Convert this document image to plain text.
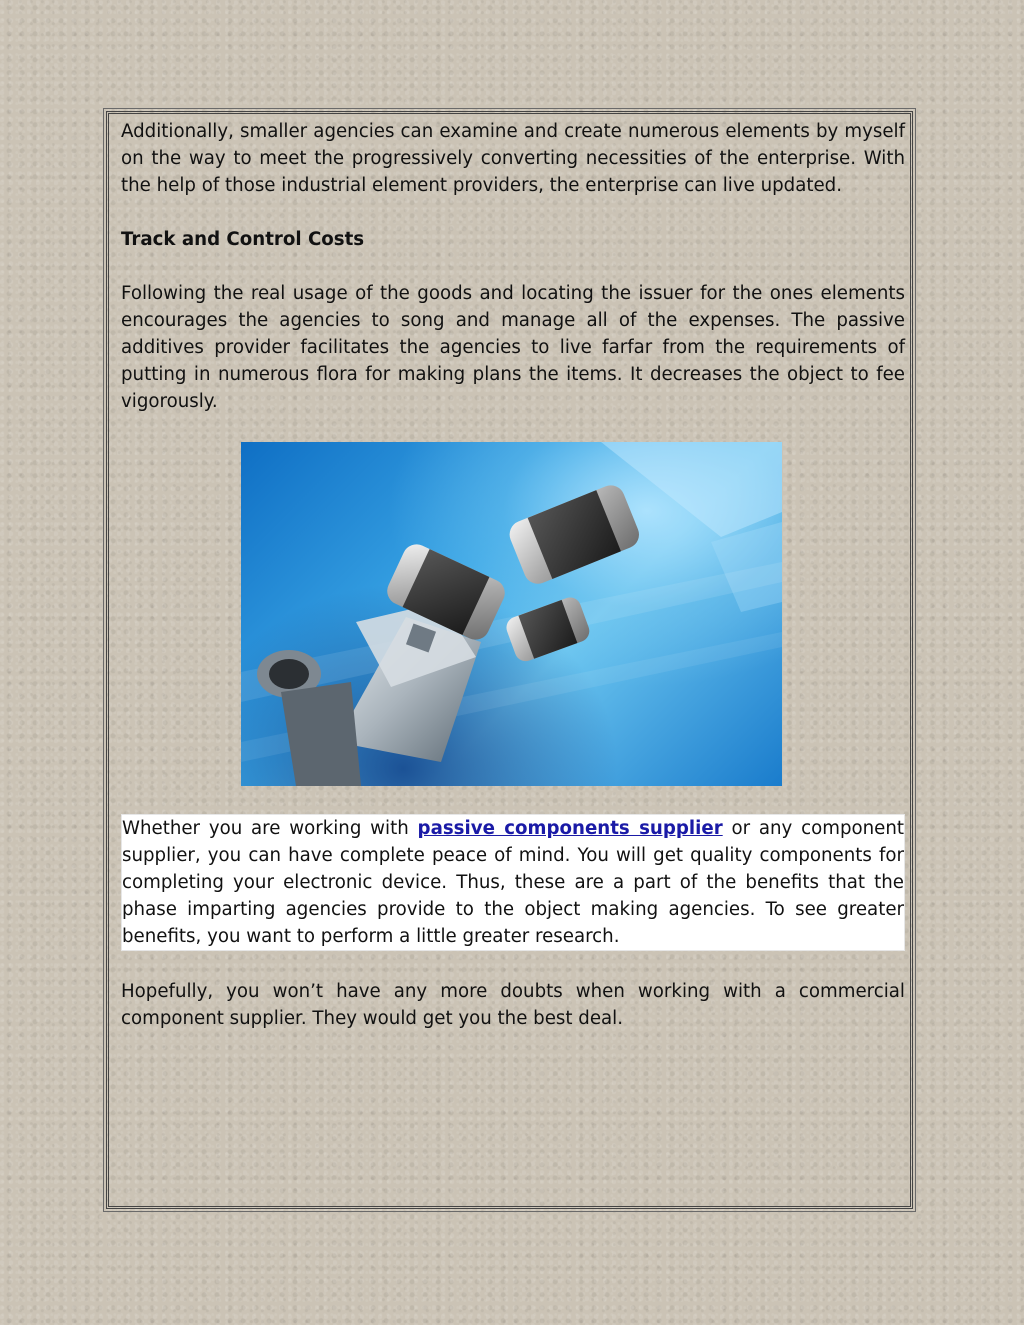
Additionally, smaller agencies can examine and create numerous elements by myself on the way to meet the progressively converting necessities of the enterprise. With the help of those industrial element providers, the enterprise can live updated.

Track and Control Costs

Following the real usage of the goods and locating the issuer for the ones elements encourages the agencies to song and manage all of the expenses. The passive additives provider facilitates the agencies to live farfar from the requirements of putting in numerous flora for making plans the items. It decreases the object to fee vigorously.

Whether you are working with passive components supplier or any component supplier, you can have complete peace of mind. You will get quality components for completing your electronic device. Thus, these are a part of the benefits that the phase imparting agencies provide to the object making agencies. To see greater benefits, you want to perform a little greater research.

Hopefully, you won’t have any more doubts when working with a commercial component supplier. They would get you the best deal.
